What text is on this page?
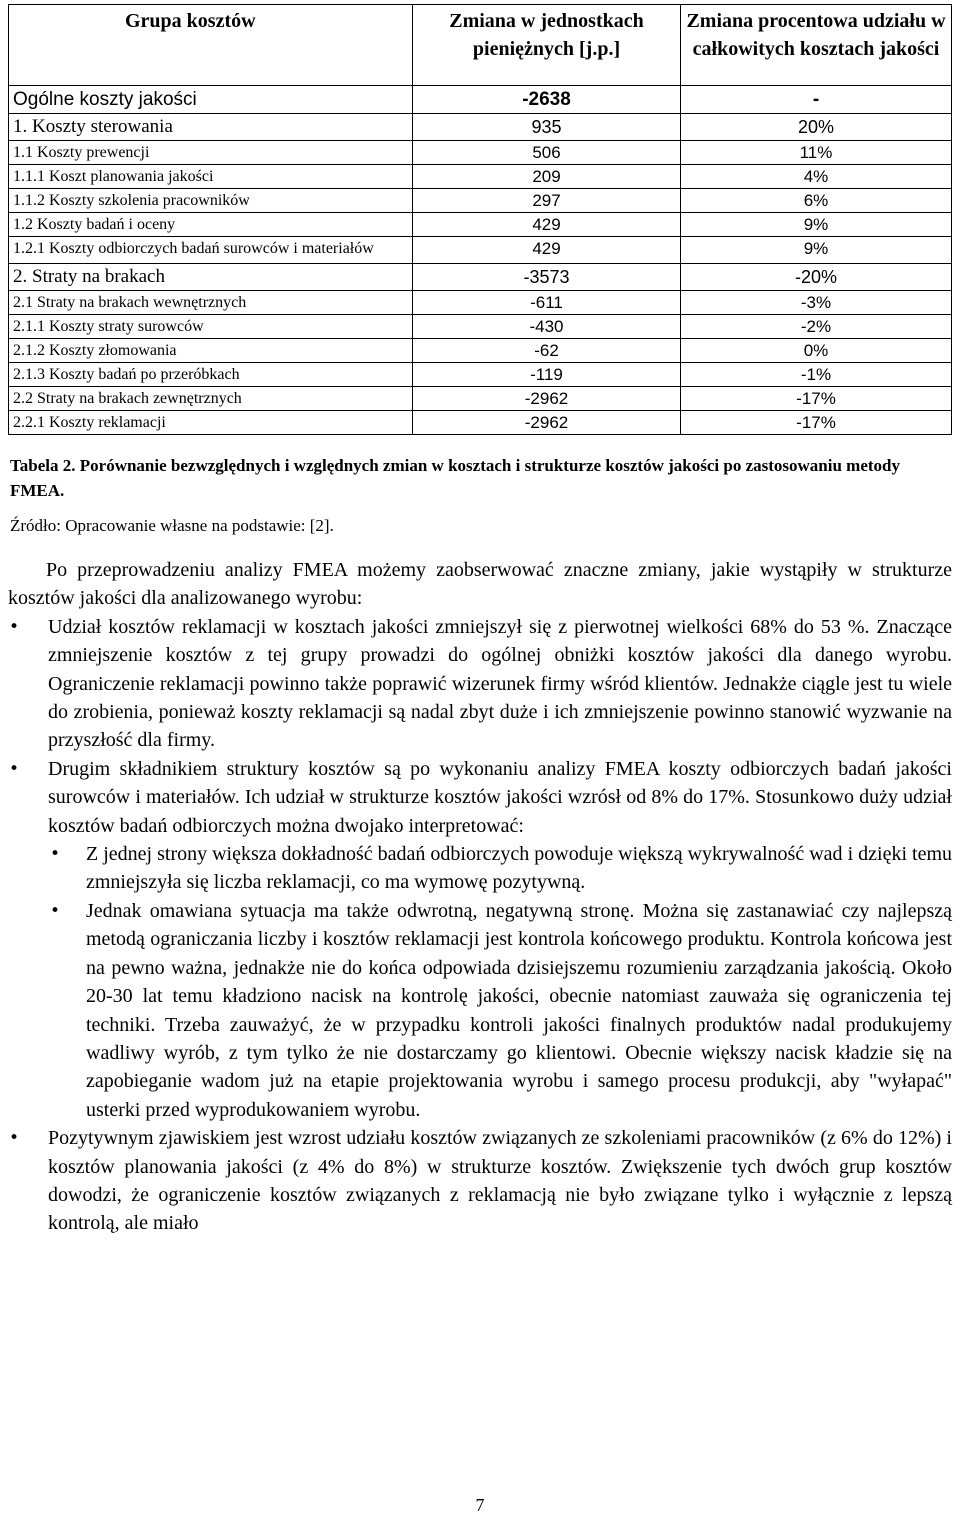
Grupa kosztów	Zmiana w jednostkach pieniężnych [j.p.]	Zmiana procentowa udziału w całkowitych kosztach jakości
Ogólne koszty jakości	-2638	-
1. Koszty sterowania	935	20%
1.1 Koszty prewencji	506	11%
1.1.1 Koszt planowania jakości	209	4%
1.1.2 Koszty szkolenia pracowników	297	6%
1.2 Koszty badań i oceny	429	9%
1.2.1 Koszty odbiorczych badań surowców i materiałów	429	9%
2. Straty na brakach	-3573	-20%
2.1 Straty na brakach wewnętrznych	-611	-3%
2.1.1 Koszty straty surowców	-430	-2%
2.1.2 Koszty złomowania	-62	0%
2.1.3 Koszty badań po przeróbkach	-119	-1%
2.2 Straty na brakach zewnętrznych	-2962	-17%
2.2.1 Koszty reklamacji	-2962	-17%
Tabela 2. Porównanie bezwzględnych i względnych zmian w kosztach i strukturze kosztów jakości po zastosowaniu metody FMEA.
Źródło: Opracowanie własne na podstawie: [2].

Po przeprowadzeniu analizy FMEA możemy zaobserwować znaczne zmiany, jakie wystąpiły w strukturze kosztów jakości dla analizowanego wyrobu:

• Udział kosztów reklamacji w kosztach jakości zmniejszył się z pierwotnej wielkości 68% do 53 %. Znaczące zmniejszenie kosztów z tej grupy prowadzi do ogólnej obniżki kosztów jakości dla danego wyrobu. Ograniczenie reklamacji powinno także poprawić wizerunek firmy wśród klientów. Jednakże ciągle jest tu wiele do zrobienia, ponieważ koszty reklamacji są nadal zbyt duże i ich zmniejszenie powinno stanowić wyzwanie na przyszłość dla firmy.
• Drugim składnikiem struktury kosztów są po wykonaniu analizy FMEA koszty odbiorczych badań jakości surowców i materiałów. Ich udział w strukturze kosztów jakości wzrósł od 8% do 17%. Stosunkowo duży udział kosztów badań odbiorczych można dwojako interpretować:
• Z jednej strony większa dokładność badań odbiorczych powoduje większą wykrywalność wad i dzięki temu zmniejszyła się liczba reklamacji, co ma wymowę pozytywną.
• Jednak omawiana sytuacja ma także odwrotną, negatywną stronę. Można się zastanawiać czy najlepszą metodą ograniczania liczby i kosztów reklamacji jest kontrola końcowego produktu. Kontrola końcowa jest na pewno ważna, jednakże nie do końca odpowiada dzisiejszemu rozumieniu zarządzania jakością. Około 20-30 lat temu kładziono nacisk na kontrolę jakości, obecnie natomiast zauważa się ograniczenia tej techniki. Trzeba zauważyć, że w przypadku kontroli jakości finalnych produktów nadal produkujemy wadliwy wyrób, z tym tylko że nie dostarczamy go klientowi. Obecnie większy nacisk kładzie się na zapobieganie wadom już na etapie projektowania wyrobu i samego procesu produkcji, aby "wyłapać" usterki przed wyprodukowaniem wyrobu.
• Pozytywnym zjawiskiem jest wzrost udziału kosztów związanych ze szkoleniami pracowników (z 6% do 12%) i kosztów planowania jakości (z 4% do 8%) w strukturze kosztów. Zwiększenie tych dwóch grup kosztów dowodzi, że ograniczenie kosztów związanych z reklamacją nie było związane tylko i wyłącznie z lepszą kontrolą, ale miało
7
